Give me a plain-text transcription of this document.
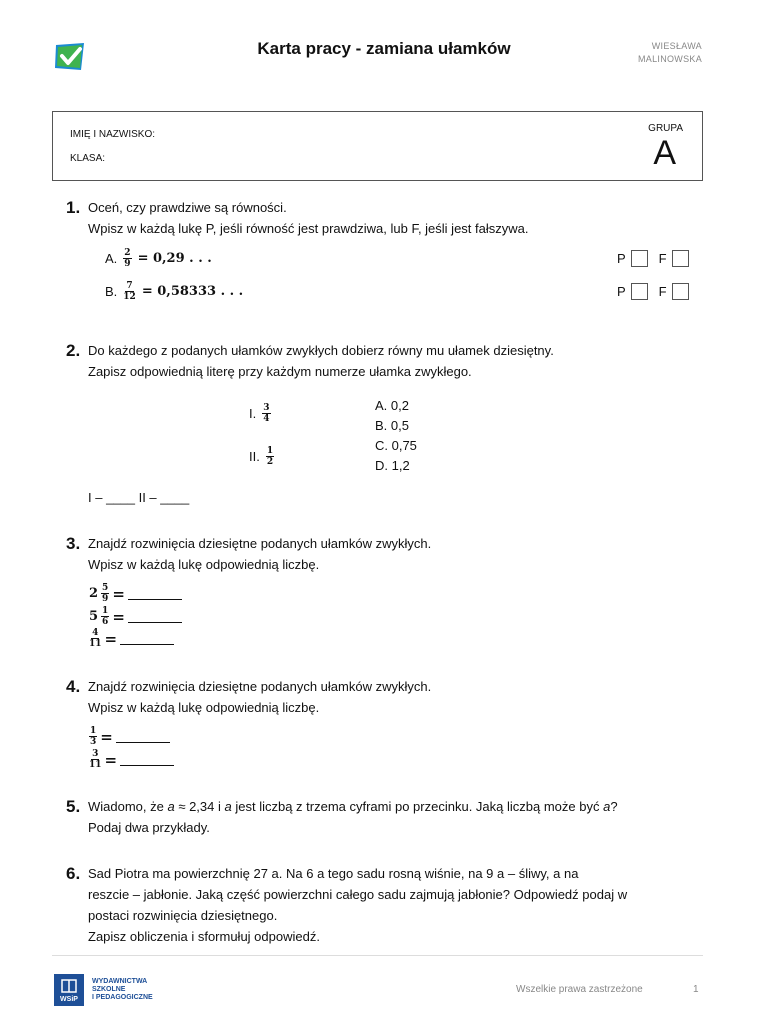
Karta pracy - zamiana ułamków	WIESŁAWA
MALINOWSKA
IMIĘ I NAZWISKO:
KLASA:
GRUPA
A
1. Oceń, czy prawdziwe są równości.
Wpisz w każdą lukę P, jeśli równość jest prawdziwa, lub F, jeśli jest fałszywa.
A. $\frac{2}{9} = 0,29$ . . .
B. $\frac{7}{12} = 0,58333$ . . .
P	F
P	F
2. Do każdego z podanych ułamków zwykłych dobierz równy mu ułamek dziesiętny.
Zapisz odpowiednią literę przy każdym numerze ułamka zwykłego.
I. $\frac{3}{4}$
II. $\frac{1}{2}$
A. 0,2
B. 0,5
C. 0,75
D. 1,2
I – ____ II – ____
3. Znajdź rozwinięcia dziesiętne podanych ułamków zwykłych.
Wpisz w każdą lukę odpowiednią liczbę.
$2 \frac{5}{9}$ =
$5 \frac{1}{6}$ =
$\frac{4}{11}$ =
4. Znajdź rozwinięcia dziesiętne podanych ułamków zwykłych.
Wpisz w każdą lukę odpowiednią liczbę.
$\frac{1}{3}$ =
$\frac{3}{11}$ =
5. Wiadomo, że a ≈ 2,34 i a jest liczbą z trzema cyframi po przecinku. Jaką liczbą może być a?
Podaj dwa przykłady.
6. Sad Piotra ma powierzchnię 27 a. Na 6 a tego sadu rosną wiśnie, na 9 a – śliwy, a na
reszcie – jabłonie. Jaką część powierzchni całego sadu zajmują jabłonie? Odpowiedź podaj w
postaci rozwinięcia dziesiętnego.
Zapisz obliczenia i sformułuj odpowiedź.
WSiP
WYDAWNICTWA
SZKOLNE
I PEDAGOGICZNE
Wszelkie prawa zastrzeżone	1
